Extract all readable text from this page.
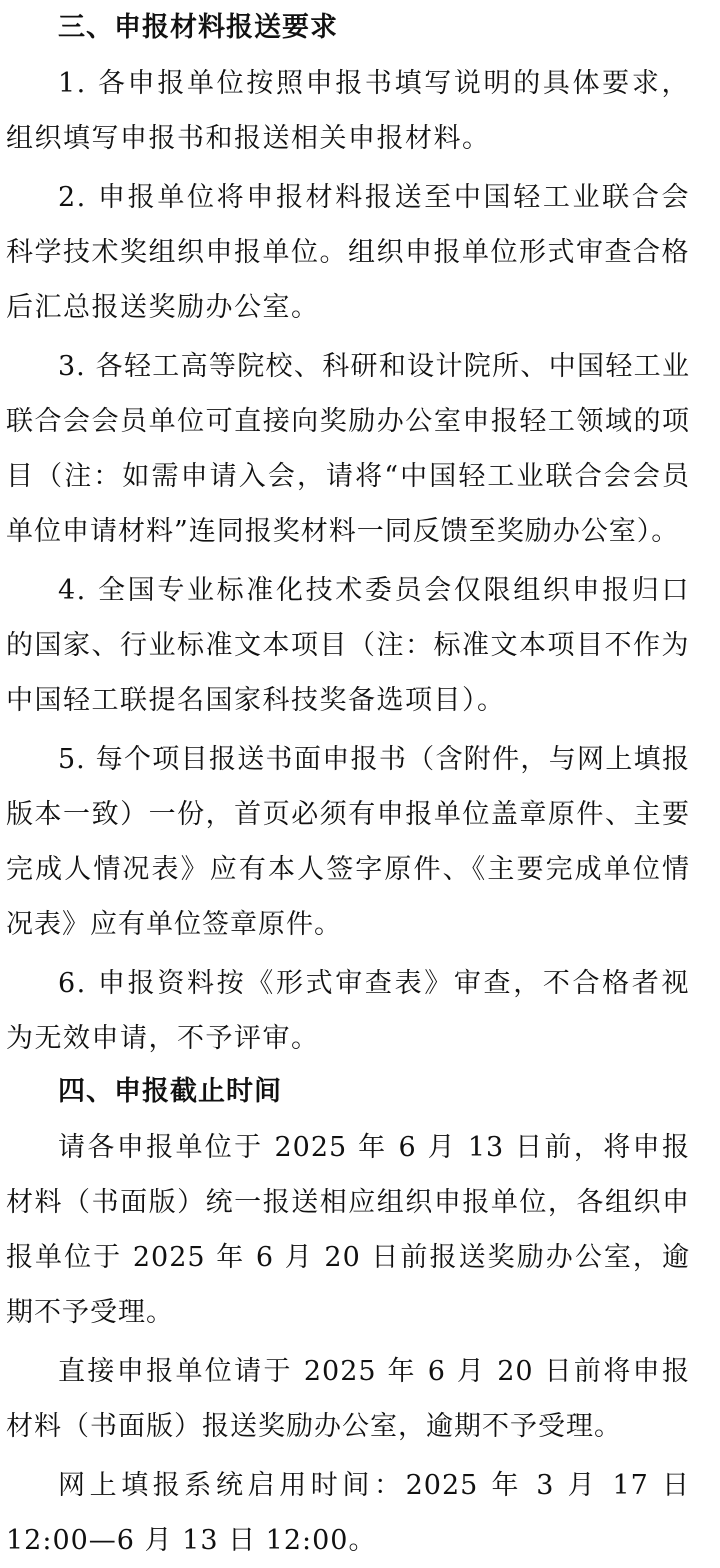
三、申报材料报送要求

1. 各申报单位按照申报书填写说明的具体要求，组织填写申报书和报送相关申报材料。

2. 申报单位将申报材料报送至中国轻工业联合会科学技术奖组织申报单位。组织申报单位形式审查合格后汇总报送奖励办公室。

3. 各轻工高等院校、科研和设计院所、中国轻工业联合会会员单位可直接向奖励办公室申报轻工领域的项目（注：如需申请入会，请将“中国轻工业联合会会员单位申请材料”连同报奖材料一同反馈至奖励办公室）。

4. 全国专业标准化技术委员会仅限组织申报归口的国家、行业标准文本项目（注：标准文本项目不作为中国轻工联提名国家科技奖备选项目）。

5. 每个项目报送书面申报书（含附件，与网上填报版本一致）一份，首页必须有申报单位盖章原件、主要完成人情况表》应有本人签字原件、《主要完成单位情况表》应有单位签章原件。

6. 申报资料按《形式审查表》审查，不合格者视为无效申请，不予评审。

四、申报截止时间

请各申报单位于 2025 年 6 月 13 日前，将申报材料（书面版）统一报送相应组织申报单位，各组织申报单位于 2025 年 6 月 20 日前报送奖励办公室，逾期不予受理。

直接申报单位请于 2025 年 6 月 20 日前将申报材料（书面版）报送奖励办公室，逾期不予受理。

网上填报系统启用时间：2025 年 3 月 17 日 12:00—6 月 13 日 12:00。
